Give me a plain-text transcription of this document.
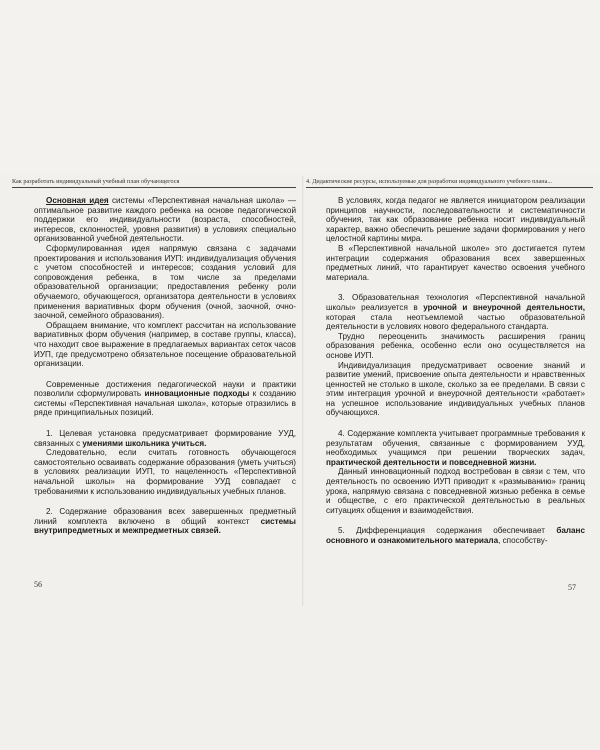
Как разработать индивидуальный учебный план обучающегося

Основная идея системы «Перспективная начальная школа» — оптимальное развитие каждого ребенка на основе педагогической поддержки его индивидуальности (возраста, способностей, интересов, склонностей, уровня развития) в условиях специально организованной учебной деятельности.

Сформулированная идея напрямую связана с задачами проектирования и использования ИУП: индивидуализация обучения с учетом способностей и интересов; создания условий для сопровождения ребенка, в том числе за пределами образовательной организации; предоставления ребенку роли обучаемого, обучающегося, организатора деятельности в условиях применения вариативных форм обучения (очной, заочной, очно-заочной, семейного образования).

Обращаем внимание, что комплект рассчитан на использование вариативных форм обучения (например, в составе группы, класса), что находит свое выражение в предлагаемых вариантах сеток часов ИУП, где предусмотрено обязательное посещение образовательной организации.

Современные достижения педагогической науки и практики позволили сформулировать инновационные подходы к созданию системы «Перспективная начальная школа», которые отразились в ряде принципиальных позиций.

1. Целевая установка предусматривает формирование УУД, связанных с умениями школьника учиться.

Следовательно, если считать готовность обучающегося самостоятельно осваивать содержание образования (уметь учиться) в условиях реализации ИУП, то нацеленность «Перспективной начальной школы» на формирование УУД совпадает с требованиями к использованию индивидуальных учебных планов.

2. Содержание образования всех завершенных предметный линий комплекта включено в общий контекст системы внутрипредметных и межпредметных связей.

4. Дидактические ресурсы, используемые для разработки индивидуального учебного плана...

В условиях, когда педагог не является инициатором реализации принципов научности, последовательности и систематичности обучения, так как образование ребенка носит индивидуальный характер, важно обеспечить решение задачи формирования у него целостной картины мира.

В «Перспективной начальной школе» это достигается путем интеграции содержания образования всех завершенных предметных линий, что гарантирует качество освоения учебного материала.

3. Образовательная технология «Перспективной начальной школы» реализуется в урочной и внеурочной деятельности, которая стала неотъемлемой частью образовательной деятельности в условиях нового федерального стандарта.

Трудно переоценить значимость расширения границ образования ребенка, особенно если оно осуществляется на основе ИУП.

Индивидуализация предусматривает освоение знаний и развитие умений, присвоение опыта деятельности и нравственных ценностей не столько в школе, сколько за ее пределами. В связи с этим интеграция урочной и внеурочной деятельности «работает» на успешное использование индивидуальных учебных планов обучающихся.

4. Содержание комплекта учитывает программные требования к результатам обучения, связанные с формированием УУД, необходимых учащимся при решении творческих задач, практической деятельности и повседневной жизни.

Данный инновационный подход востребован в связи с тем, что деятельность по освоению ИУП приводит к «размыванию» границ урока, напрямую связана с повседневной жизнью ребенка в семье и обществе, с его практической деятельностью в реальных ситуациях общения и взаимодействия.

5. Дифференциация содержания обеспечивает баланс основного и ознакомительного материала, способству-

56	57
